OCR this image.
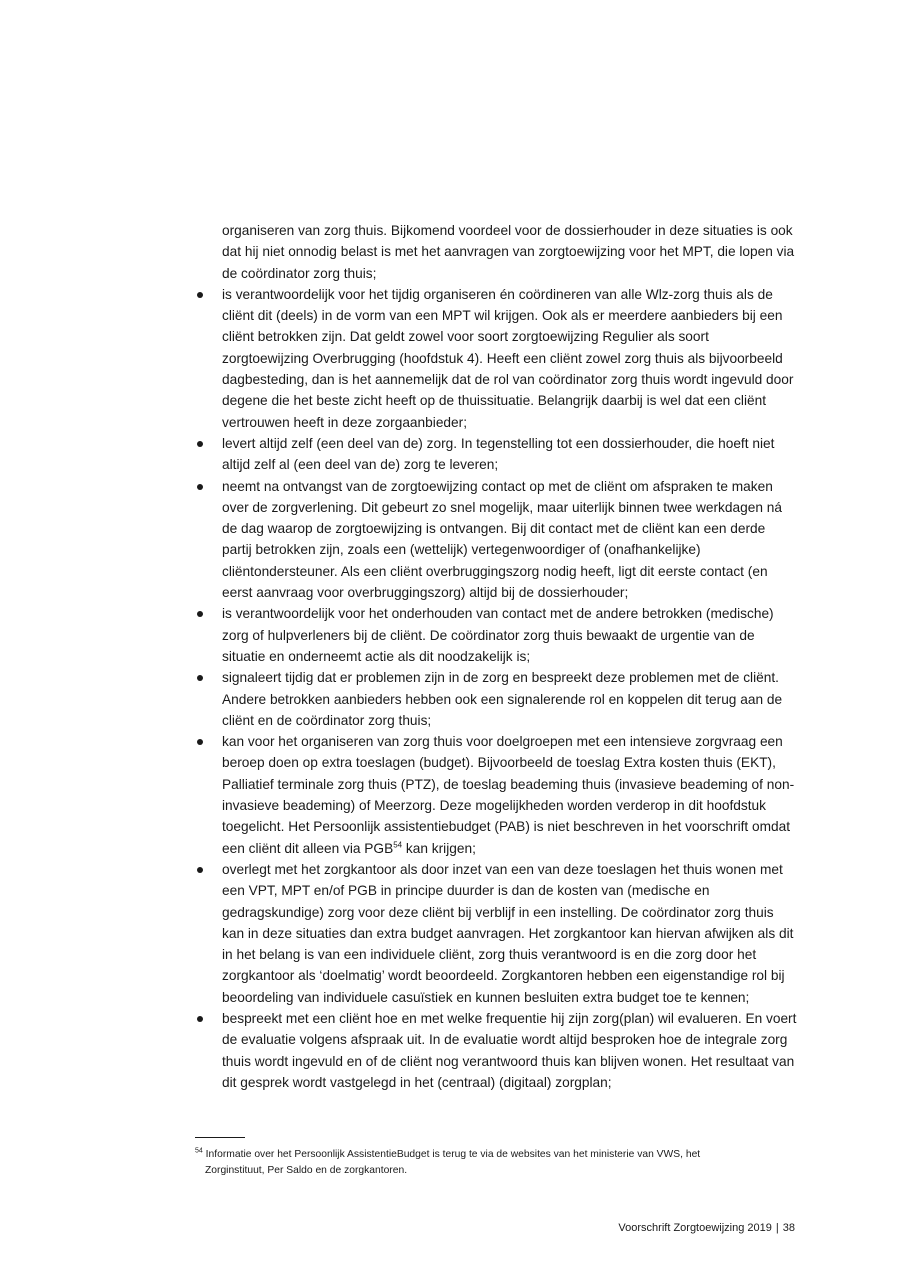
organiseren van zorg thuis. Bijkomend voordeel voor de dossierhouder in deze situaties is ook dat hij niet onnodig belast is met het aanvragen van zorgtoewijzing voor het MPT, die lopen via de coördinator zorg thuis;

is verantwoordelijk voor het tijdig organiseren én coördineren van alle Wlz-zorg thuis als de cliënt dit (deels) in de vorm van een MPT wil krijgen. Ook als er meerdere aanbieders bij een cliënt betrokken zijn. Dat geldt zowel voor soort zorgtoewijzing Regulier als soort zorgtoewijzing Overbrugging (hoofdstuk 4). Heeft een cliënt zowel zorg thuis als bijvoorbeeld dagbesteding, dan is het aannemelijk dat de rol van coördinator zorg thuis wordt ingevuld door degene die het beste zicht heeft op de thuissituatie. Belangrijk daarbij is wel dat een cliënt vertrouwen heeft in deze zorgaanbieder;
levert altijd zelf (een deel van de) zorg. In tegenstelling tot een dossierhouder, die hoeft niet altijd zelf al (een deel van de) zorg te leveren;
neemt na ontvangst van de zorgtoewijzing contact op met de cliënt om afspraken te maken over de zorgverlening. Dit gebeurt zo snel mogelijk, maar uiterlijk binnen twee werkdagen ná de dag waarop de zorgtoewijzing is ontvangen. Bij dit contact met de cliënt kan een derde partij betrokken zijn, zoals een (wettelijk) vertegenwoordiger of (onafhankelijke) cliëntondersteuner. Als een cliënt overbruggingszorg nodig heeft, ligt dit eerste contact (en eerst aanvraag voor overbruggingszorg) altijd bij de dossierhouder;
is verantwoordelijk voor het onderhouden van contact met de andere betrokken (medische) zorg of hulpverleners bij de cliënt. De coördinator zorg thuis bewaakt de urgentie van de situatie en onderneemt actie als dit noodzakelijk is;
signaleert tijdig dat er problemen zijn in de zorg en bespreekt deze problemen met de cliënt. Andere betrokken aanbieders hebben ook een signalerende rol en koppelen dit terug aan de cliënt en de coördinator zorg thuis;
kan voor het organiseren van zorg thuis voor doelgroepen met een intensieve zorgvraag een beroep doen op extra toeslagen (budget). Bijvoorbeeld de toeslag Extra kosten thuis (EKT), Palliatief terminale zorg thuis (PTZ), de toeslag beademing thuis (invasieve beademing of non-invasieve beademing) of Meerzorg. Deze mogelijkheden worden verderop in dit hoofdstuk toegelicht. Het Persoonlijk assistentiebudget (PAB) is niet beschreven in het voorschrift omdat een cliënt dit alleen via PGB$^{54}$ kan krijgen;
overlegt met het zorgkantoor als door inzet van een van deze toeslagen het thuis wonen met een VPT, MPT en/of PGB in principe duurder is dan de kosten van (medische en gedragskundige) zorg voor deze cliënt bij verblijf in een instelling. De coördinator zorg thuis kan in deze situaties dan extra budget aanvragen. Het zorgkantoor kan hiervan afwijken als dit in het belang is van een individuele cliënt, zorg thuis verantwoord is en die zorg door het zorgkantoor als ‘doelmatig’ wordt beoordeeld. Zorgkantoren hebben een eigenstandige rol bij beoordeling van individuele casuïstiek en kunnen besluiten extra budget toe te kennen;
bespreekt met een cliënt hoe en met welke frequentie hij zijn zorg(plan) wil evalueren. En voert de evaluatie volgens afspraak uit. In de evaluatie wordt altijd besproken hoe de integrale zorg thuis wordt ingevuld en of de cliënt nog verantwoord thuis kan blijven wonen. Het resultaat van dit gesprek wordt vastgelegd in het (centraal) (digitaal) zorgplan;
$^{54}$ Informatie over het Persoonlijk AssistentieBudget is terug te via de websites van het ministerie van VWS, het
Zorginstituut, Per Saldo en de zorgkantoren.
Voorschrift Zorgtoewijzing 2019 | 38
